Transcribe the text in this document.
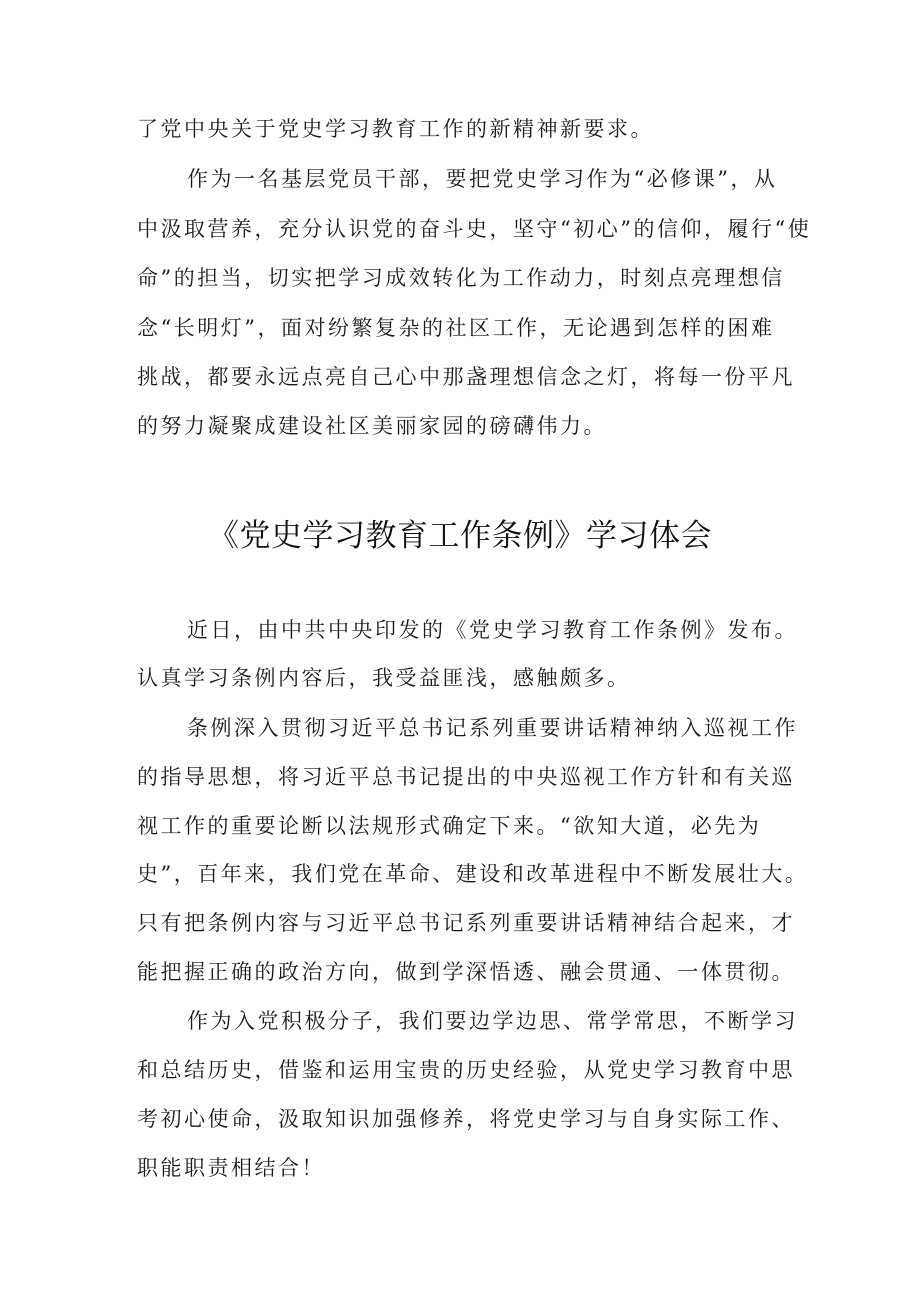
了党中央关于党史学习教育工作的新精神新要求。
作为一名基层党员干部，要把党史学习作为“必修课”，从
中汲取营养，充分认识党的奋斗史，坚守“初心”的信仰，履行“使
命”的担当，切实把学习成效转化为工作动力，时刻点亮理想信
念“长明灯”，面对纷繁复杂的社区工作，无论遇到怎样的困难
挑战，都要永远点亮自己心中那盏理想信念之灯，将每一份平凡
的努力凝聚成建设社区美丽家园的磅礴伟力。
《党史学习教育工作条例》学习体会
近日，由中共中央印发的《党史学习教育工作条例》发布。
认真学习条例内容后，我受益匪浅，感触颇多。
条例深入贯彻习近平总书记系列重要讲话精神纳入巡视工作
的指导思想，将习近平总书记提出的中央巡视工作方针和有关巡
视工作的重要论断以法规形式确定下来。“欲知大道，必先为
史”，百年来，我们党在革命、建设和改革进程中不断发展壮大。
只有把条例内容与习近平总书记系列重要讲话精神结合起来，才
能把握正确的政治方向，做到学深悟透、融会贯通、一体贯彻。
作为入党积极分子，我们要边学边思、常学常思，不断学习
和总结历史，借鉴和运用宝贵的历史经验，从党史学习教育中思
考初心使命，汲取知识加强修养，将党史学习与自身实际工作、
职能职责相结合！
